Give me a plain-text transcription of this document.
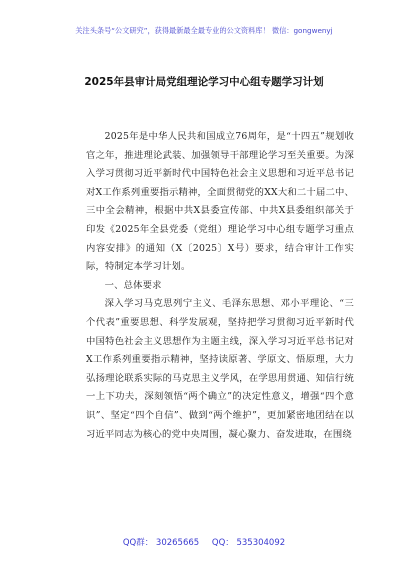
关注头条号“公文研究”，获得最新最全最专业的公文资料库！ 微信：gongwenyj
2025年县审计局党组理论学习中心组专题学习计划

2025年是中华人民共和国成立76周年，是“十四五”规划收官之年，推进理论武装、加强领导干部理论学习至关重要。为深入学习贯彻习近平新时代中国特色社会主义思想和习近平总书记对X工作系列重要指示精神，全面贯彻党的XX大和二十届二中、三中全会精神，根据中共X县委宣传部、中共X县委组织部关于印发《2025年全县党委（党组）理论学习中心组专题学习重点内容安排》的通知（X〔2025〕X号）要求，结合审计工作实际，特制定本学习计划。

一、总体要求

深入学习马克思列宁主义、毛泽东思想、邓小平理论、“三个代表”重要思想、科学发展观，坚持把学习贯彻习近平新时代中国特色社会主义思想作为主题主线，深入学习习近平总书记对X工作系列重要指示精神，坚持读原著、学原文、悟原理，大力弘扬理论联系实际的马克思主义学风，在学思用贯通、知信行统一上下功夫，深刻领悟“两个确立”的决定性意义，增强“四个意识”、坚定“四个自信”、做到“两个维护”，更加紧密地团结在以习近平同志为核心的党中央周围，凝心聚力、奋发进取，在围绕

QQ群： 30265665 QQ： 535304092
